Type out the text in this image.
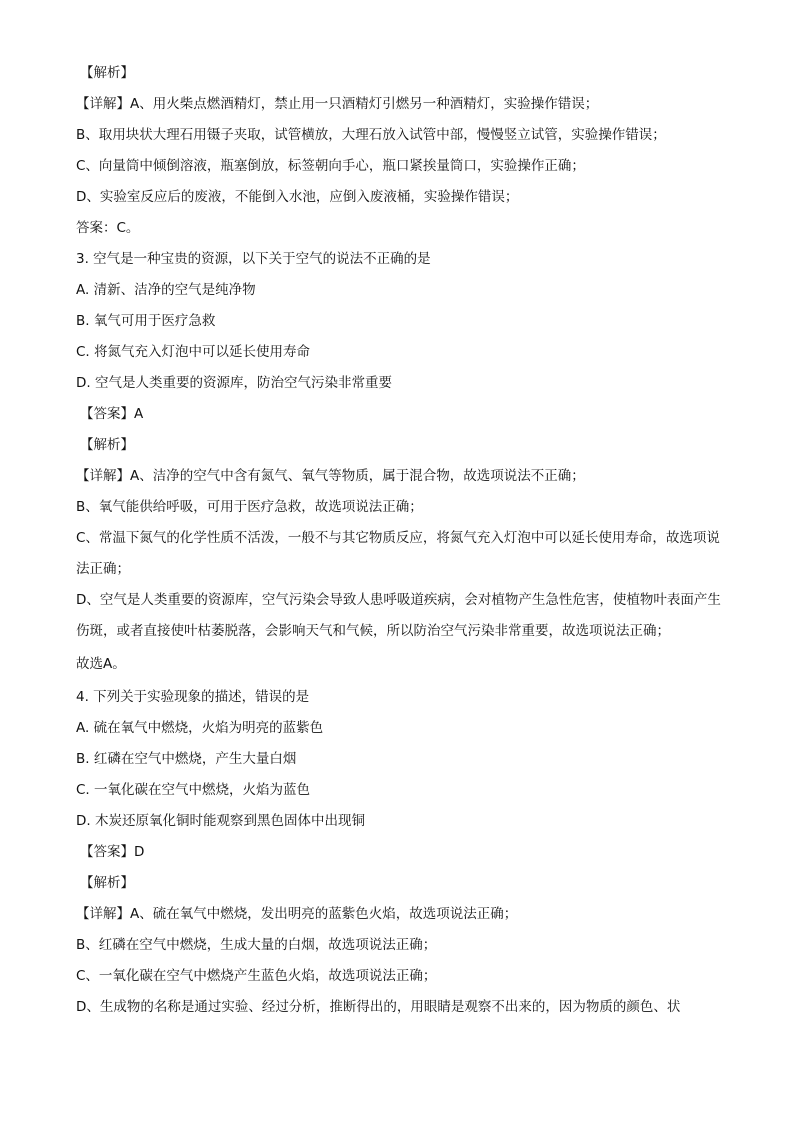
【解析】

【详解】A、用火柴点燃酒精灯，禁止用一只酒精灯引燃另一种酒精灯，实验操作错误；

B、取用块状大理石用镊子夹取，试管横放，大理石放入试管中部，慢慢竖立试管，实验操作错误；

C、向量筒中倾倒溶液，瓶塞倒放，标签朝向手心，瓶口紧挨量筒口，实验操作正确；

D、实验室反应后的废液，不能倒入水池，应倒入废液桶，实验操作错误；

答案：C。

3. 空气是一种宝贵的资源，以下关于空气的说法不正确的是

A. 清新、洁净的空气是纯净物

B. 氧气可用于医疗急救

C. 将氮气充入灯泡中可以延长使用寿命

D. 空气是人类重要的资源库，防治空气污染非常重要

【答案】A

【解析】

【详解】A、洁净的空气中含有氮气、氧气等物质，属于混合物，故选项说法不正确；

B、氧气能供给呼吸，可用于医疗急救，故选项说法正确；

C、常温下氮气的化学性质不活泼，一般不与其它物质反应，将氮气充入灯泡中可以延长使用寿命，故选项说法正确；

D、空气是人类重要的资源库，空气污染会导致人患呼吸道疾病，会对植物产生急性危害，使植物叶表面产生伤斑，或者直接使叶枯萎脱落，会影响天气和气候，所以防治空气污染非常重要，故选项说法正确；

故选A。

4. 下列关于实验现象的描述，错误的是

A. 硫在氧气中燃烧，火焰为明亮的蓝紫色

B. 红磷在空气中燃烧，产生大量白烟

C. 一氧化碳在空气中燃烧，火焰为蓝色

D. 木炭还原氧化铜时能观察到黑色固体中出现铜

【答案】D

【解析】

【详解】A、硫在氧气中燃烧，发出明亮的蓝紫色火焰，故选项说法正确；

B、红磷在空气中燃烧，生成大量的白烟，故选项说法正确；

C、一氧化碳在空气中燃烧产生蓝色火焰，故选项说法正确；

D、生成物的名称是通过实验、经过分析，推断得出的，用眼睛是观察不出来的，因为物质的颜色、状
